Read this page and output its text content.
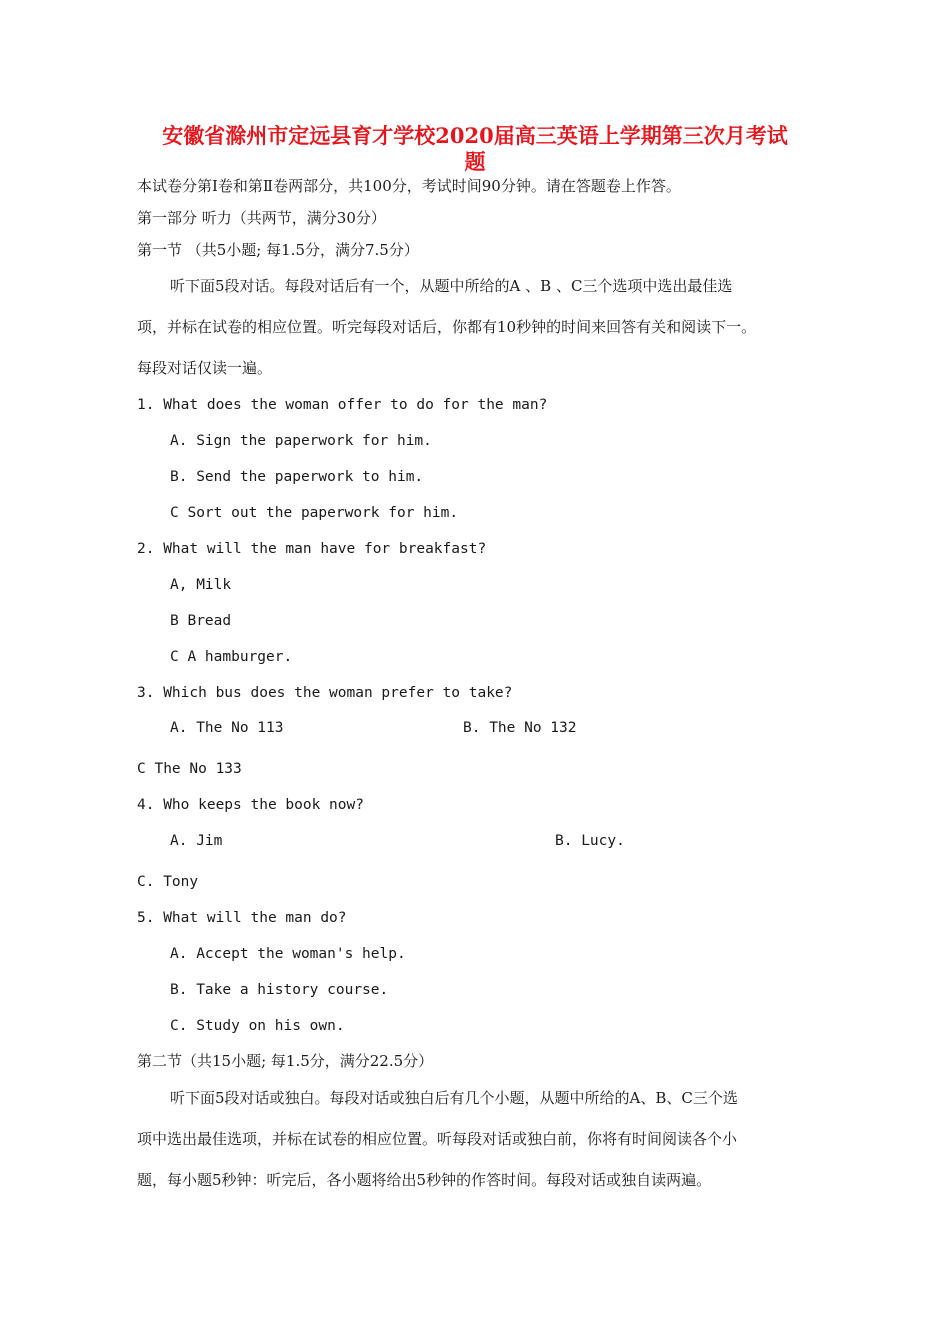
安徽省滁州市定远县育才学校2020届高三英语上学期第三次月考试
题
本试卷分第Ⅰ卷和第Ⅱ卷两部分，共100分，考试时间90分钟。请在答题卷上作答。
第一部分 听力（共两节，满分30分）
第一节 （共5小题; 每1.5分，满分7.5分）
听下面5段对话。每段对话后有一个，从题中所给的A 、B 、C三个选项中选出最佳选
项，并标在试卷的相应位置。听完每段对话后，你都有10秒钟的时间来回答有关和阅读下一。
每段对话仅读一遍。
1. What does the woman offer to do for the man?
A. Sign the paperwork for him.
B. Send the paperwork to him.
C Sort out the paperwork for him.
2. What will the man have for breakfast?
A, Milk
B Bread
C A hamburger.
3. Which bus does the woman prefer to take?
A. The No 113	B. The No 132
C The No 133
4. Who keeps the book now?
A. Jim	B. Lucy.
C. Tony
5. What will the man do?
A. Accept the woman's help.
B. Take a history course.
C. Study on his own.
第二节（共15小题; 每1.5分，满分22.5分）
听下面5段对话或独白。每段对话或独白后有几个小题，从题中所给的A、B、C三个选
项中选出最佳选项，并标在试卷的相应位置。听每段对话或独白前，你将有时间阅读各个小
题，每小题5秒钟：听完后，各小题将给出5秒钟的作答时间。每段对话或独自读两遍。
